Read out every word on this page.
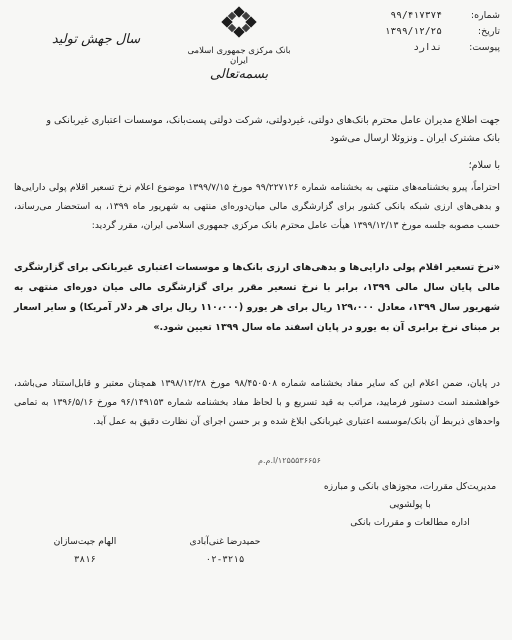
شماره:
۹۹/۴۱۷۳۷۴
تاریخ:
۱۳۹۹/۱۲/۲۵
پیوست:
ندارد
بانک مرکزی جمهوری اسلامی ایران
بسمه‌تعالی
سال جهش تولید
جهت اطلاع مدیران عامل محترم بانک‌های دولتی، غیردولتی، شرکت دولتی پست‌بانک، موسسات اعتباری غیربانکی و بانک مشترک ایران ـ ونزوئلا ارسال می‌شود
با سلام؛
احتراماً، پیرو بخشنامه‌های منتهی به بخشنامه شماره ۹۹/۲۲۷۱۲۶ مورخ ۱۳۹۹/۷/۱۵ موضوع اعلام نرخ تسعیر اقلام پولی دارایی‌ها و بدهی‌های ارزی شبکه بانکی کشور برای گزارشگری مالی میان‌دوره‌ای منتهی به شهریور ماه ۱۳۹۹، به استحضار می‌رساند، حسب مصوبه جلسه مورخ ۱۳۹۹/۱۲/۱۳ هیأت عامل محترم بانک مرکزی جمهوری اسلامی ایران، مقرر گردید:
«نرخ تسعیر اقلام پولی دارایی‌ها و بدهی‌های ارزی بانک‌ها و موسسات اعتباری غیربانکی برای گزارشگری مالی پایان سال مالی ۱۳۹۹، برابر با نرخ تسعیر مقرر برای گزارشگری مالی میان دوره‌ای منتهی به شهریور سال ۱۳۹۹، معادل ۱۲۹،۰۰۰ ریال برای هر یورو (۱۱۰،۰۰۰ ریال برای هر دلار آمریکا) و سایر اسعار بر مبنای نرخ برابری آن به یورو در پایان اسفند ماه سال ۱۳۹۹ تعیین شود.»
در پایان، ضمن اعلام این که سایر مفاد بخشنامه شماره ۹۸/۴۵۰۵۰۸ مورخ ۱۳۹۸/۱۲/۲۸ همچنان معتبر و قابل‌استناد می‌باشد، خواهشمند است دستور فرمایید، مراتب به قید تسریع و با لحاظ مفاد بخشنامه شماره ۹۶/۱۴۹۱۵۳ مورخ ۱۳۹۶/۵/۱۶ به تمامی واحدهای ذیربط آن بانک/موسسه اعتباری غیربانکی ابلاغ شده و بر حسن اجرای آن نظارت دقیق به عمل آید.
۱۲۵۵۵۳۶۶۵۶/ا.م.م
مدیریت‌کل مقررات، مجوزهای بانکی و مبارزه با پولشویی
اداره مطالعات و مقررات بانکی
حمیدرضا غنی‌آبادی
۰۲-۳۲۱۵
الهام جیت‌سازان
۳۸۱۶
